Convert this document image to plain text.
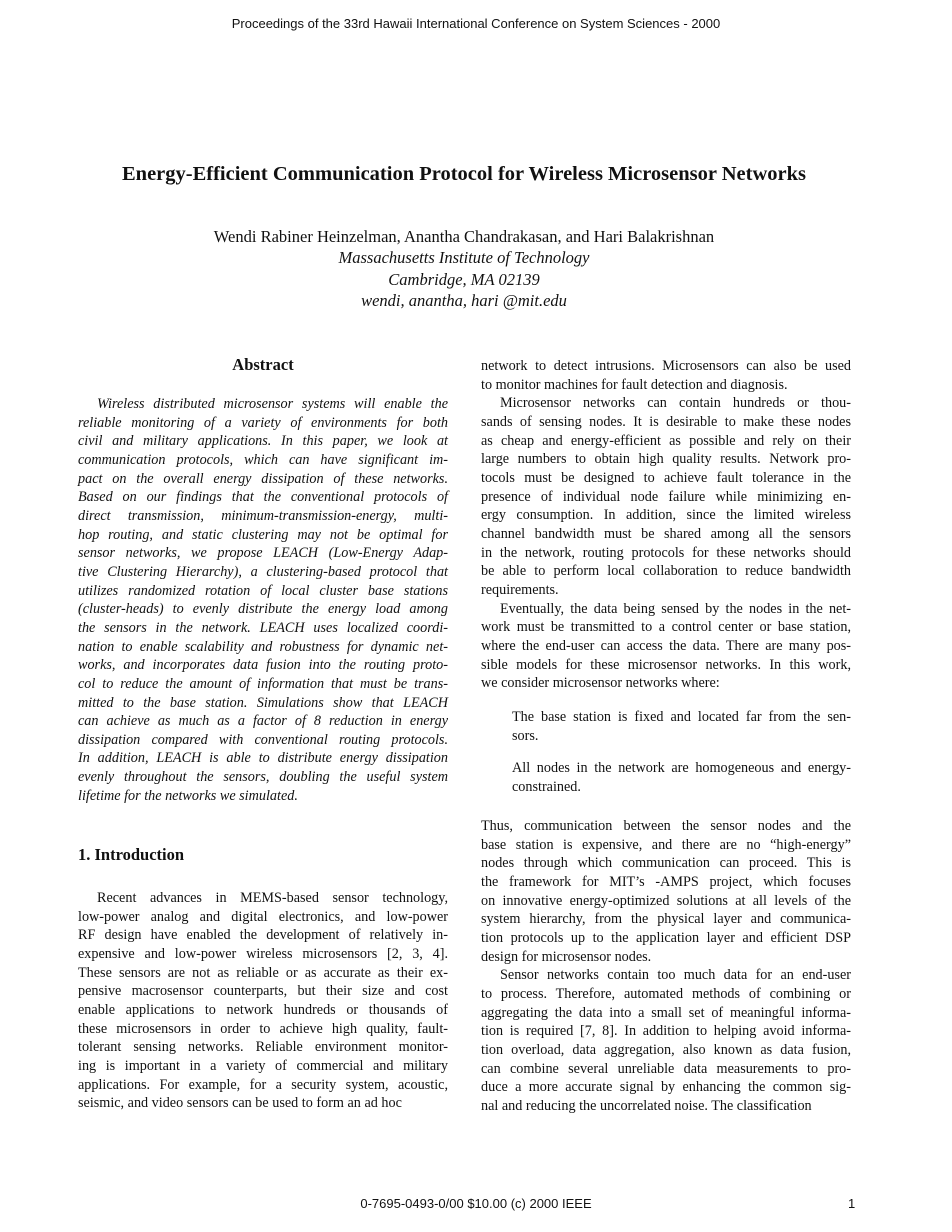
Proceedings of the 33rd Hawaii International Conference on System Sciences - 2000
Energy-Efficient Communication Protocol for Wireless Microsensor Networks
Wendi Rabiner Heinzelman, Anantha Chandrakasan, and Hari Balakrishnan
Massachusetts Institute of Technology
Cambridge, MA 02139
wendi, anantha, hari @mit.edu
Abstract
Wireless distributed microsensor systems will enable the
reliable monitoring of a variety of environments for both
civil and military applications. In this paper, we look at
communication protocols, which can have significant im-
pact on the overall energy dissipation of these networks.
Based on our findings that the conventional protocols of
direct transmission, minimum-transmission-energy, multi-
hop routing, and static clustering may not be optimal for
sensor networks, we propose LEACH (Low-Energy Adap-
tive Clustering Hierarchy), a clustering-based protocol that
utilizes randomized rotation of local cluster base stations
(cluster-heads) to evenly distribute the energy load among
the sensors in the network. LEACH uses localized coordi-
nation to enable scalability and robustness for dynamic net-
works, and incorporates data fusion into the routing proto-
col to reduce the amount of information that must be trans-
mitted to the base station. Simulations show that LEACH
can achieve as much as a factor of 8 reduction in energy
dissipation compared with conventional routing protocols.
In addition, LEACH is able to distribute energy dissipation
evenly throughout the sensors, doubling the useful system
lifetime for the networks we simulated.
1. Introduction
Recent advances in MEMS-based sensor technology,
low-power analog and digital electronics, and low-power
RF design have enabled the development of relatively in-
expensive and low-power wireless microsensors [2, 3, 4].
These sensors are not as reliable or as accurate as their ex-
pensive macrosensor counterparts, but their size and cost
enable applications to network hundreds or thousands of
these microsensors in order to achieve high quality, fault-
tolerant sensing networks. Reliable environment monitor-
ing is important in a variety of commercial and military
applications. For example, for a security system, acoustic,
seismic, and video sensors can be used to form an ad hoc
network to detect intrusions. Microsensors can also be used
to monitor machines for fault detection and diagnosis.
Microsensor networks can contain hundreds or thou-
sands of sensing nodes. It is desirable to make these nodes
as cheap and energy-efficient as possible and rely on their
large numbers to obtain high quality results. Network pro-
tocols must be designed to achieve fault tolerance in the
presence of individual node failure while minimizing en-
ergy consumption. In addition, since the limited wireless
channel bandwidth must be shared among all the sensors
in the network, routing protocols for these networks should
be able to perform local collaboration to reduce bandwidth
requirements.
Eventually, the data being sensed by the nodes in the net-
work must be transmitted to a control center or base station,
where the end-user can access the data. There are many pos-
sible models for these microsensor networks. In this work,
we consider microsensor networks where:
The base station is fixed and located far from the sen-
sors.
All nodes in the network are homogeneous and energy-
constrained.
Thus, communication between the sensor nodes and the
base station is expensive, and there are no “high-energy”
nodes through which communication can proceed. This is
the framework for MIT’s -AMPS project, which focuses
on innovative energy-optimized solutions at all levels of the
system hierarchy, from the physical layer and communica-
tion protocols up to the application layer and efficient DSP
design for microsensor nodes.
Sensor networks contain too much data for an end-user
to process. Therefore, automated methods of combining or
aggregating the data into a small set of meaningful informa-
tion is required [7, 8]. In addition to helping avoid informa-
tion overload, data aggregation, also known as data fusion,
can combine several unreliable data measurements to pro-
duce a more accurate signal by enhancing the common sig-
nal and reducing the uncorrelated noise. The classification
0-7695-0493-0/00 $10.00 (c) 2000 IEEE	1
